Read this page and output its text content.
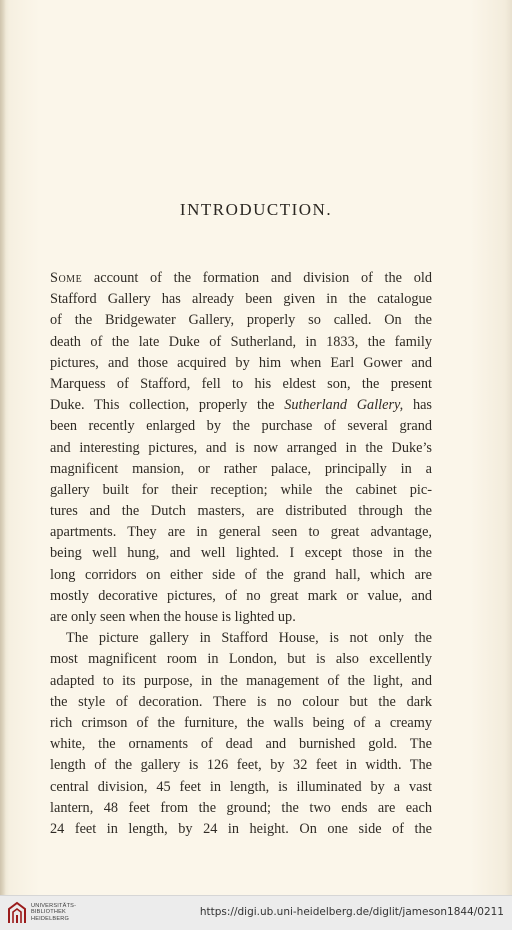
INTRODUCTION.
Some account of the formation and division of the old
Stafford Gallery has already been given in the catalogue
of the Bridgewater Gallery, properly so called. On the
death of the late Duke of Sutherland, in 1833, the family
pictures, and those acquired by him when Earl Gower and
Marquess of Stafford, fell to his eldest son, the present
Duke. This collection, properly the Sutherland Gallery, has
been recently enlarged by the purchase of several grand
and interesting pictures, and is now arranged in the Duke’s
magnificent mansion, or rather palace, principally in a
gallery built for their reception; while the cabinet pic-
tures and the Dutch masters, are distributed through the
apartments. They are in general seen to great advantage,
being well hung, and well lighted. I except those in the
long corridors on either side of the grand hall, which are
mostly decorative pictures, of no great mark or value, and
are only seen when the house is lighted up.
The picture gallery in Stafford House, is not only the
most magnificent room in London, but is also excellently
adapted to its purpose, in the management of the light, and
the style of decoration. There is no colour but the dark
rich crimson of the furniture, the walls being of a creamy
white, the ornaments of dead and burnished gold. The
length of the gallery is 126 feet, by 32 feet in width. The
central division, 45 feet in length, is illuminated by a vast
lantern, 48 feet from the ground; the two ends are each
24 feet in length, by 24 in height. On one side of the
UNIVERSITÄTS-
BIBLIOTHEK
HEIDELBERG
https://digi.ub.uni-heidelberg.de/diglit/jameson1844/0211
